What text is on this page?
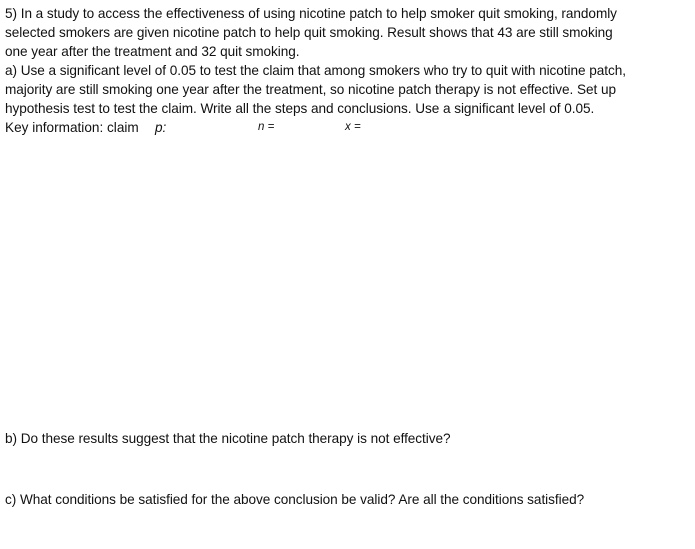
5) In a study to access the effectiveness of using nicotine patch to help smoker quit smoking, randomly
selected smokers are given nicotine patch to help quit smoking. Result shows that 43 are still smoking
one year after the treatment and 32 quit smoking.
a) Use a significant level of 0.05 to test the claim that among smokers who try to quit with nicotine patch,
majority are still smoking one year after the treatment, so nicotine patch therapy is not effective. Set up
hypothesis test to test the claim. Write all the steps and conclusions. Use a significant level of 0.05.
Key information: claim p:	n =	x =
b) Do these results suggest that the nicotine patch therapy is not effective?
c) What conditions be satisfied for the above conclusion be valid? Are all the conditions satisfied?
